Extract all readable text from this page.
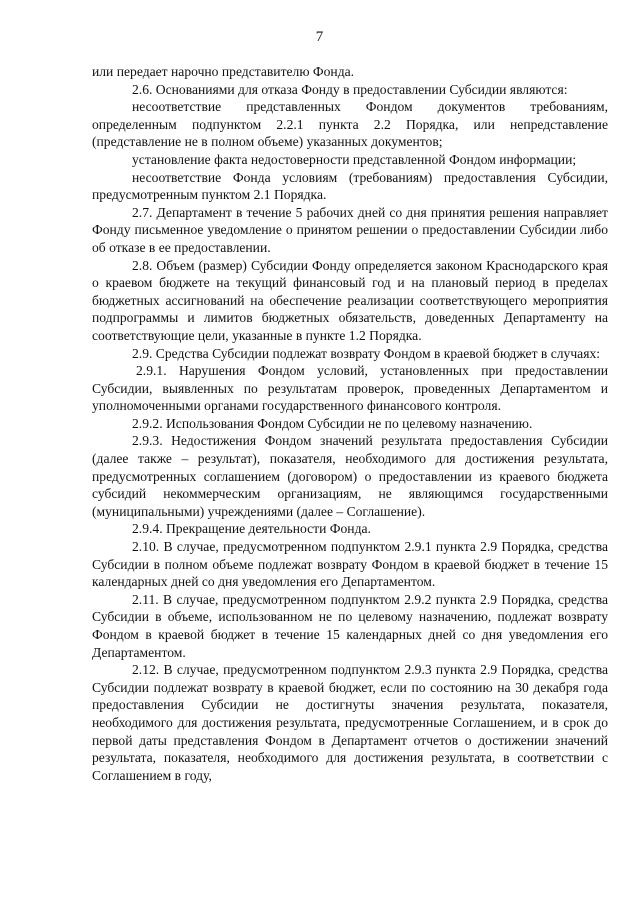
7

или передает нарочно представителю Фонда.

2.6. Основаниями для отказа Фонду в предоставлении Субсидии являются:

несоответствие представленных Фондом документов требованиям, определенным подпунктом 2.2.1 пункта 2.2 Порядка, или непредставление (представление не в полном объеме) указанных документов;

установление факта недостоверности представленной Фондом информации;

несоответствие Фонда условиям (требованиям) предоставления Субсидии, предусмотренным пунктом 2.1 Порядка.

2.7. Департамент в течение 5 рабочих дней со дня принятия решения направляет Фонду письменное уведомление о принятом решении о предоставлении Субсидии либо об отказе в ее предоставлении.

2.8. Объем (размер) Субсидии Фонду определяется законом Краснодарского края о краевом бюджете на текущий финансовый год и на плановый период в пределах бюджетных ассигнований на обеспечение реализации соответствующего мероприятия подпрограммы и лимитов бюджетных обязательств, доведенных Департаменту на соответствующие цели, указанные в пункте 1.2 Порядка.

2.9. Средства Субсидии подлежат возврату Фондом в краевой бюджет в случаях:

2.9.1. Нарушения Фондом условий, установленных при предоставлении Субсидии, выявленных по результатам проверок, проведенных Департаментом и уполномоченными органами государственного финансового контроля.

2.9.2. Использования Фондом Субсидии не по целевому назначению.

2.9.3. Недостижения Фондом значений результата предоставления Субсидии (далее также – результат), показателя, необходимого для достижения результата, предусмотренных соглашением (договором) о предоставлении из краевого бюджета субсидий некоммерческим организациям, не являющимся государственными (муниципальными) учреждениями (далее – Соглашение).

2.9.4. Прекращение деятельности Фонда.

2.10. В случае, предусмотренном подпунктом 2.9.1 пункта 2.9 Порядка, средства Субсидии в полном объеме подлежат возврату Фондом в краевой бюджет в течение 15 календарных дней со дня уведомления его Департаментом.

2.11. В случае, предусмотренном подпунктом 2.9.2 пункта 2.9 Порядка, средства Субсидии в объеме, использованном не по целевому назначению, подлежат возврату Фондом в краевой бюджет в течение 15 календарных дней со дня уведомления его Департаментом.

2.12. В случае, предусмотренном подпунктом 2.9.3 пункта 2.9 Порядка, средства Субсидии подлежат возврату в краевой бюджет, если по состоянию на 30 декабря года предоставления Субсидии не достигнуты значения результата, показателя, необходимого для достижения результата, предусмотренные Соглашением, и в срок до первой даты представления Фондом в Департамент отчетов о достижении значений результата, показателя, необходимого для достижения результата, в соответствии с Соглашением в году,
